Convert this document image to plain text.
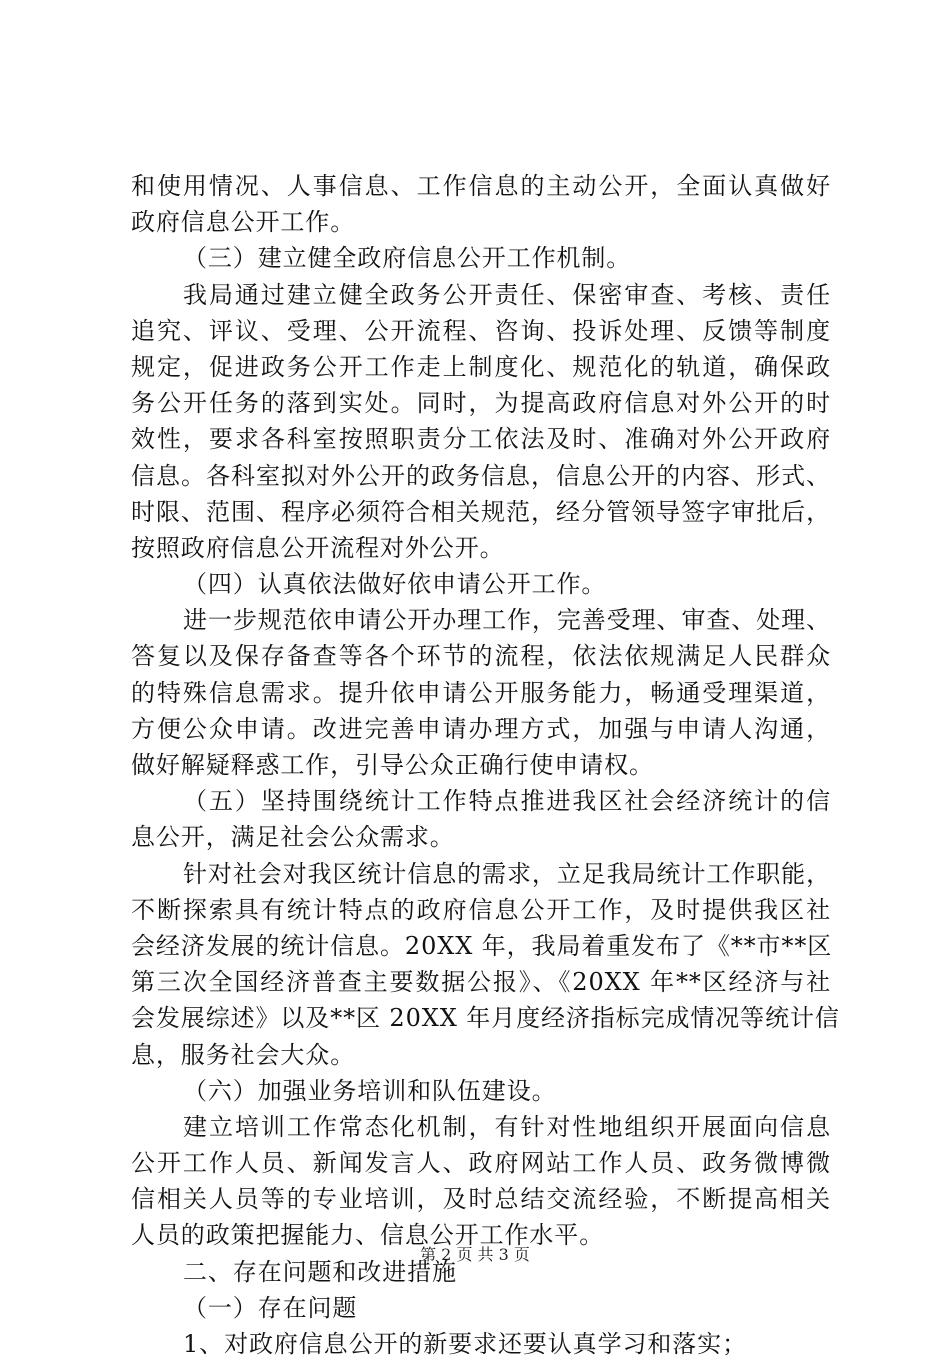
和使用情况、人事信息、工作信息的主动公开，全面认真做好
政府信息公开工作。
（三）建立健全政府信息公开工作机制。
我局通过建立健全政务公开责任、保密审查、考核、责任
追究、评议、受理、公开流程、咨询、投诉处理、反馈等制度
规定，促进政务公开工作走上制度化、规范化的轨道，确保政
务公开任务的落到实处。同时，为提高政府信息对外公开的时
效性，要求各科室按照职责分工依法及时、准确对外公开政府
信息。各科室拟对外公开的政务信息，信息公开的内容、形式、
时限、范围、程序必须符合相关规范，经分管领导签字审批后，
按照政府信息公开流程对外公开。
（四）认真依法做好依申请公开工作。
进一步规范依申请公开办理工作，完善受理、审查、处理、
答复以及保存备查等各个环节的流程，依法依规满足人民群众
的特殊信息需求。提升依申请公开服务能力，畅通受理渠道，
方便公众申请。改进完善申请办理方式，加强与申请人沟通，
做好解疑释惑工作，引导公众正确行使申请权。
（五）坚持围绕统计工作特点推进我区社会经济统计的信
息公开，满足社会公众需求。
针对社会对我区统计信息的需求，立足我局统计工作职能，
不断探索具有统计特点的政府信息公开工作，及时提供我区社
会经济发展的统计信息。20XX 年，我局着重发布了《**市**区
第三次全国经济普查主要数据公报》、《20XX 年**区经济与社
会发展综述》以及**区 20XX 年月度经济指标完成情况等统计信
息，服务社会大众。
（六）加强业务培训和队伍建设。
建立培训工作常态化机制，有针对性地组织开展面向信息
公开工作人员、新闻发言人、政府网站工作人员、政务微博微
信相关人员等的专业培训，及时总结交流经验，不断提高相关
人员的政策把握能力、信息公开工作水平。
二、存在问题和改进措施
（一）存在问题
1、对政府信息公开的新要求还要认真学习和落实；
第 2 页 共 3 页
